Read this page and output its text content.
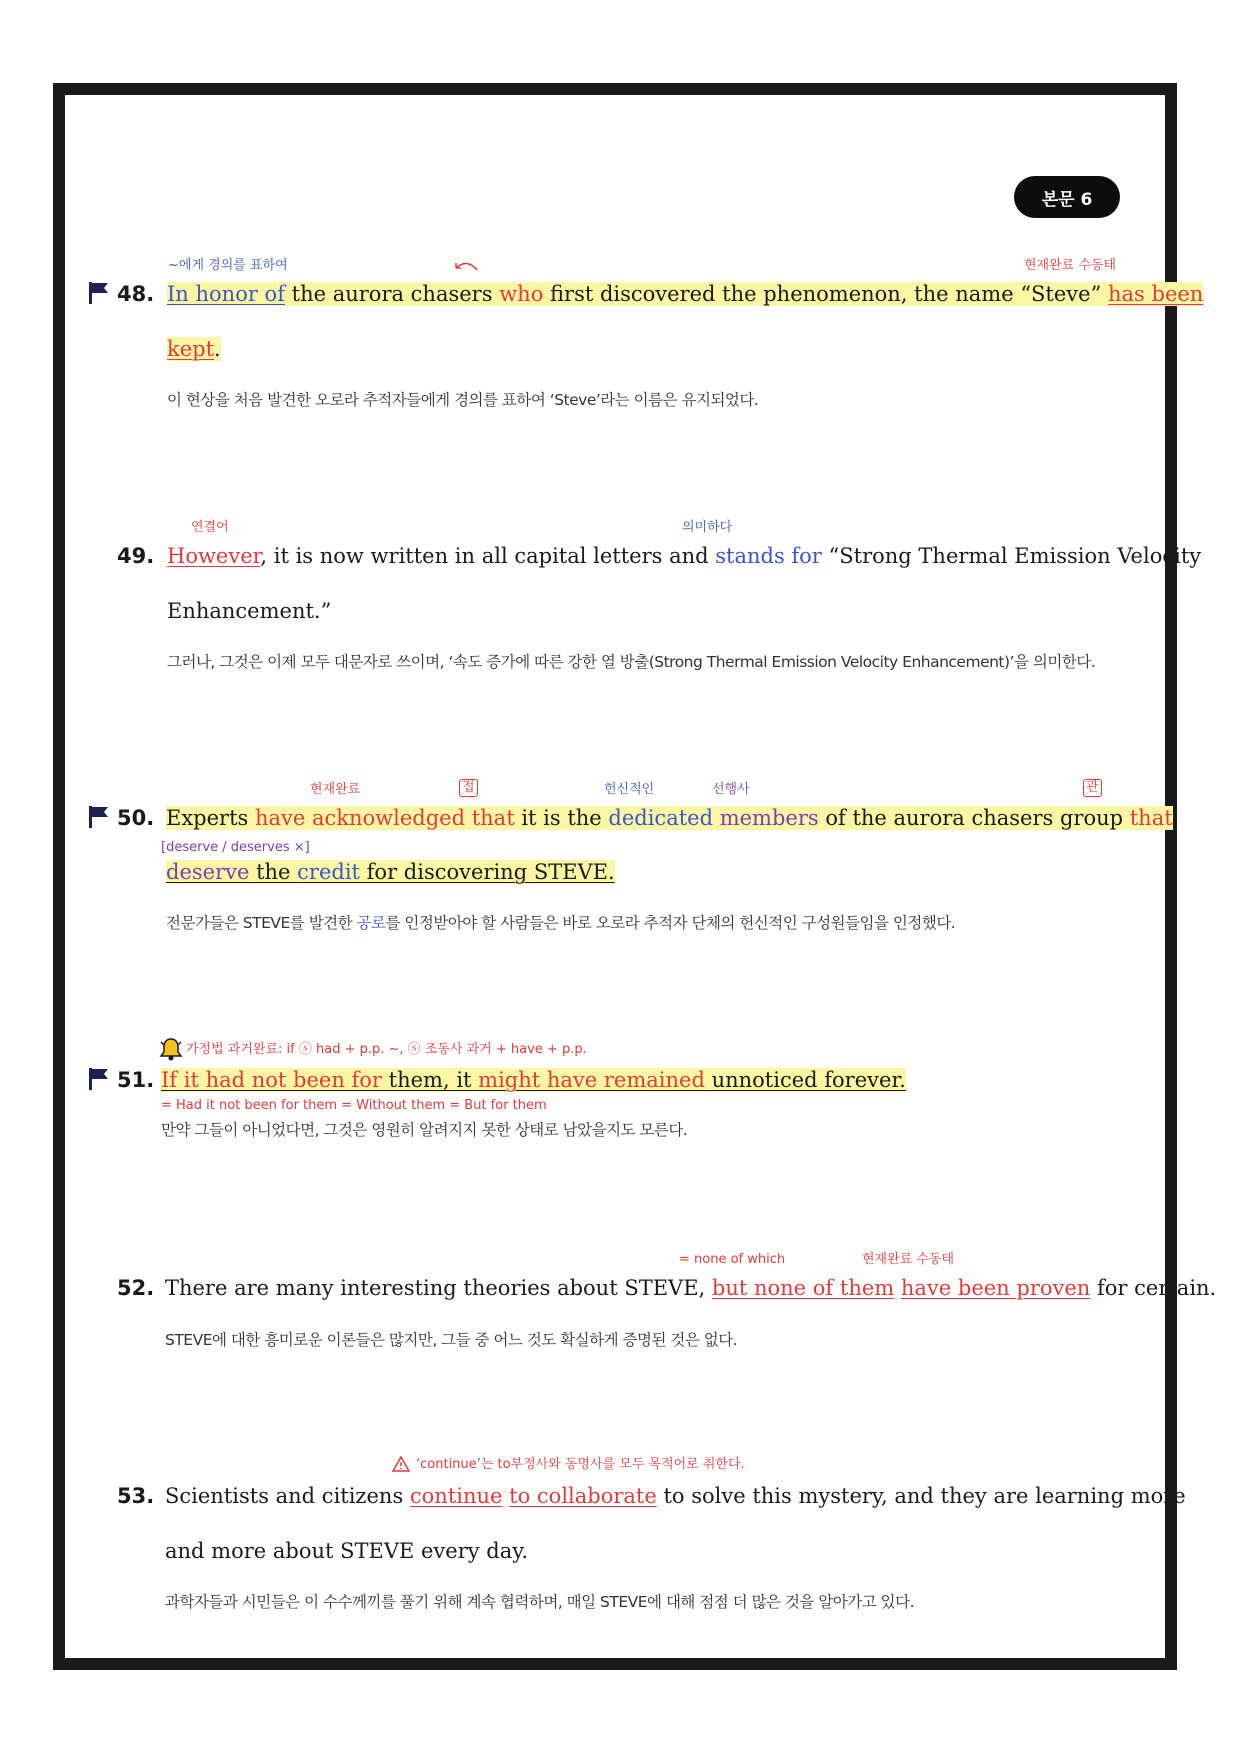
본문 6
48.
~에게 경의를 표하여	현재완료 수동태
In honor of the aurora chasers who first discovered the phenomenon, the name “Steve” has been
kept.
이 현상을 처음 발견한 오로라 추적자들에게 경의를 표하여 ‘Steve’라는 이름은 유지되었다.
49.
연결어	의미하다
However, it is now written in all capital letters and stands for “Strong Thermal Emission Velocity
Enhancement.”
그러나, 그것은 이제 모두 대문자로 쓰이며, ‘속도 증가에 따른 강한 열 방출(Strong Thermal Emission Velocity Enhancement)’을 의미한다.
50.
현재완료	접	헌신적인	선행사	관
Experts have acknowledged that it is the dedicated members of the aurora chasers group that
[deserve / deserves ×]
deserve the credit for discovering STEVE.
전문가들은 STEVE를 발견한 공로를 인정받아야 할 사람들은 바로 오로라 추적자 단체의 헌신적인 구성원들임을 인정했다.
가정법 과거완료: if ⓢ had + p.p. ~, ⓢ 조동사 과거 + have + p.p.
51. If it had not been for them, it might have remained unnoticed forever.
= Had it not been for them = Without them = But for them
만약 그들이 아니었다면, 그것은 영원히 알려지지 못한 상태로 남았을지도 모른다.
52.
= none of which	현재완료 수동태
There are many interesting theories about STEVE, but none of them have been proven for certain.
STEVE에 대한 흥미로운 이론들은 많지만, 그들 중 어느 것도 확실하게 증명된 것은 없다.
‘continue’는 to부정사와 동명사를 모두 목적어로 취한다.
53. Scientists and citizens continue to collaborate to solve this mystery, and they are learning more
and more about STEVE every day.
과학자들과 시민들은 이 수수께끼를 풀기 위해 계속 협력하며, 매일 STEVE에 대해 점점 더 많은 것을 알아가고 있다.
